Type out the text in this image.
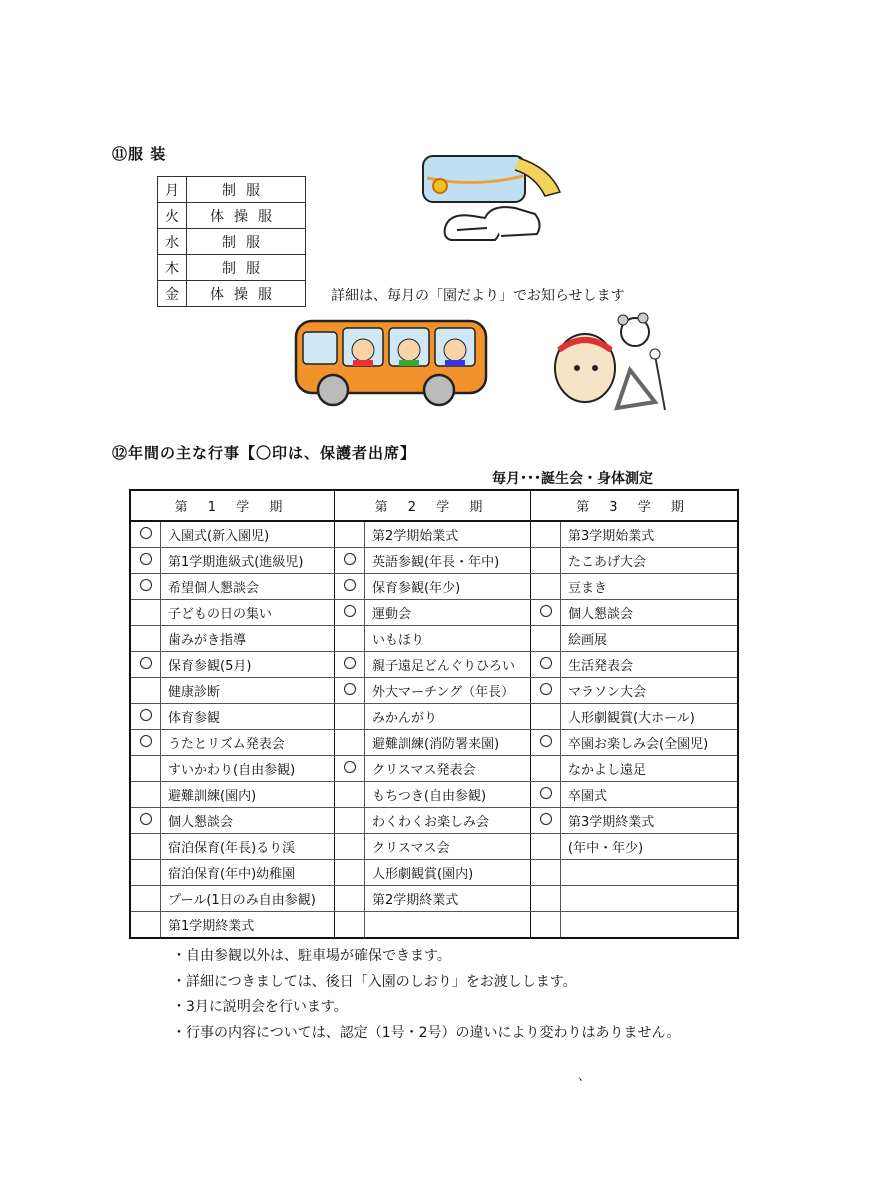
⑪服 装
月	制服
火	体操服
水	制服
木	制服
金	体操服	詳細は、毎月の「園だより」でお知らせします
⑫年間の主な行事【〇印は、保護者出席】
毎月･･･誕生会・身体測定
第 1 学 期		第 2 学 期		第 3 学 期	
	入園式(新入園児)		第2学期始業式		第3学期始業式
	第1学期進級式(進級児)		英語参観(年長・年中)		たこあげ大会
	希望個人懇談会		保育参観(年少)		豆まき
	子どもの日の集い		運動会		個人懇談会
	歯みがき指導		いもほり		絵画展
	保育参観(5月)		親子遠足どんぐりひろい		生活発表会
	健康診断		外大マーチング（年長）		マラソン大会
	体育参観		みかんがり		人形劇観賞(大ホール)
	うたとリズム発表会		避難訓練(消防署来園)		卒園お楽しみ会(全園児)
	すいかわり(自由参観)		クリスマス発表会		なかよし遠足
	避難訓練(園内)		もちつき(自由参観)		卒園式
	個人懇談会		わくわくお楽しみ会		第3学期終業式
	宿泊保育(年長)るり渓		クリスマス会		(年中・年少)
	宿泊保育(年中)幼稚園		人形劇観賞(園内)		
	プール(1日のみ自由参観)		第2学期終業式		
	第1学期終業式				
・自由参観以外は、駐車場が確保できます。
・詳細につきましては、後日「入園のしおり」をお渡しします。
・3月に説明会を行います。
・行事の内容については、認定（1号・2号）の違いにより変わりはありません。
､
